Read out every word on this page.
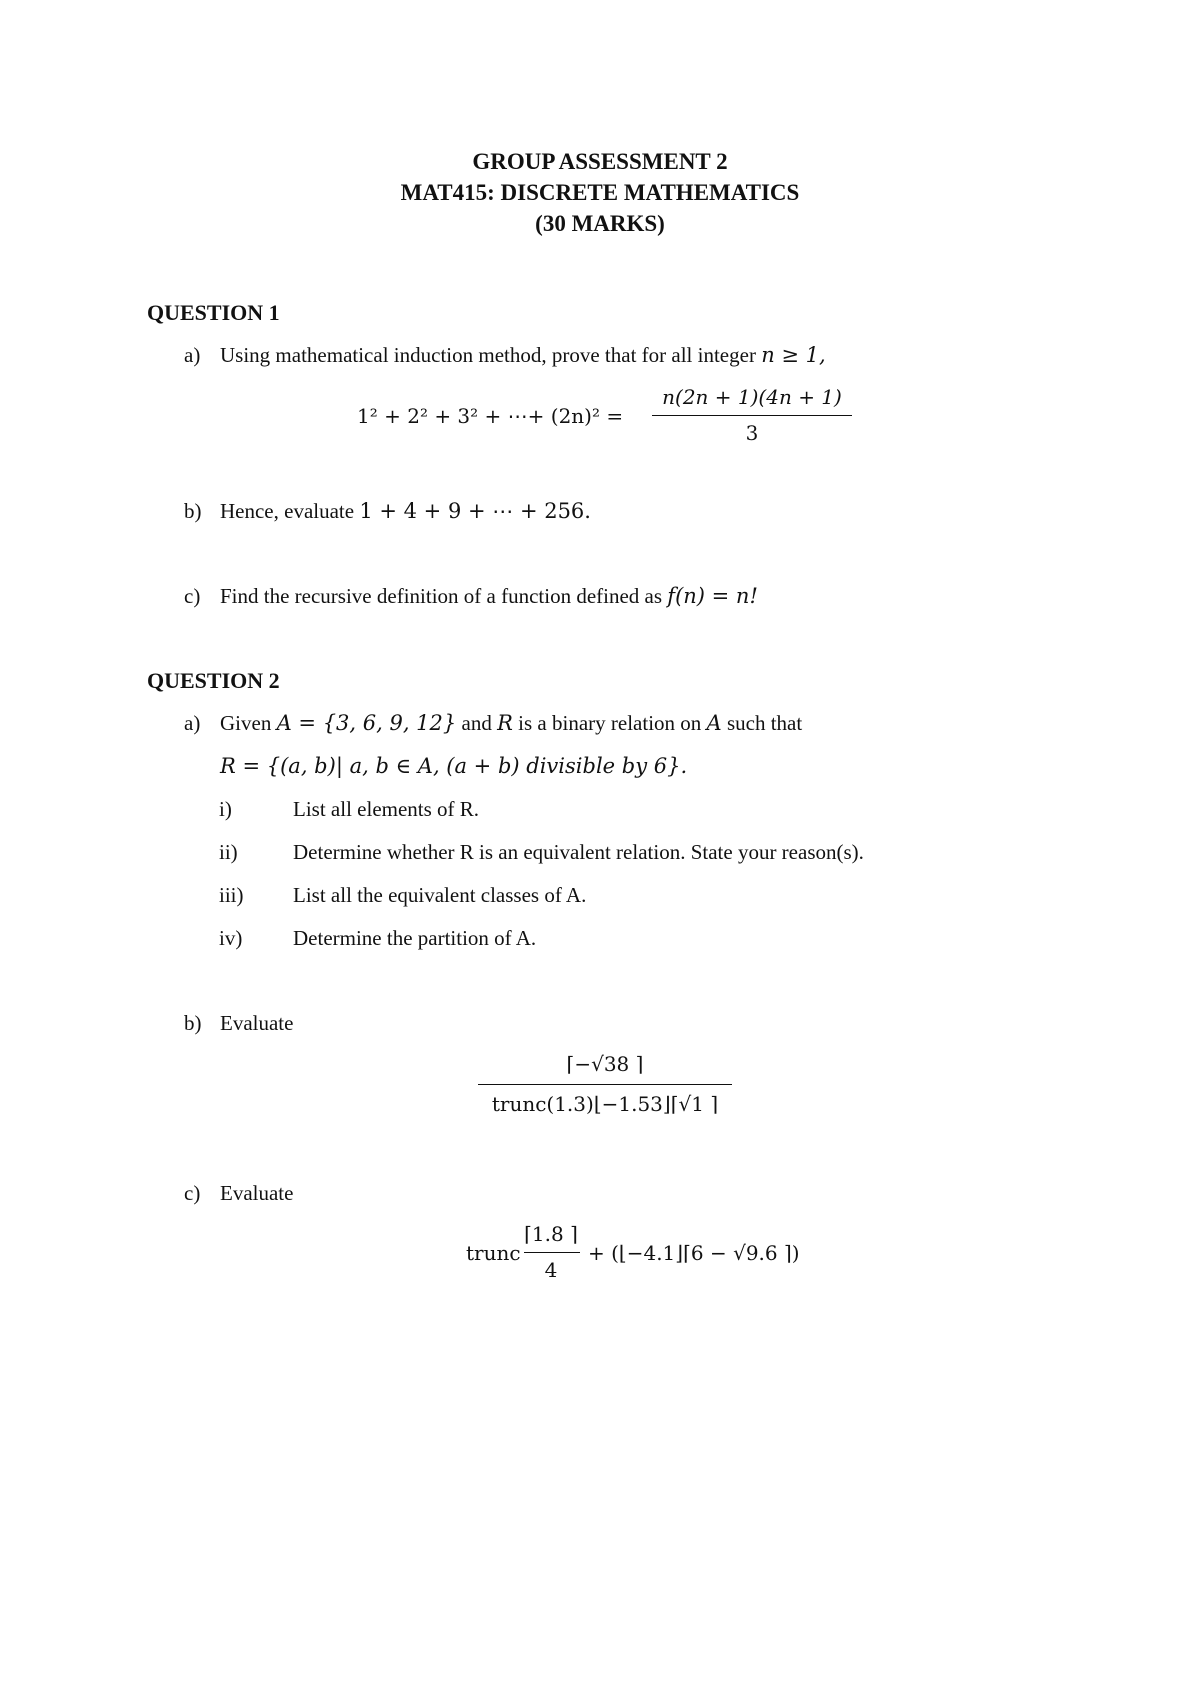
GROUP ASSESSMENT 2
MAT415: DISCRETE MATHEMATICS
(30 MARKS)
QUESTION 1
a) Using mathematical induction method, prove that for all integer n ≥ 1,
1² + 2² + 3² + ⋯+ (2n)² =
n(2n + 1)(4n + 1)
3
b) Hence, evaluate 1 + 4 + 9 + ⋯ + 256.
c) Find the recursive definition of a function defined as f(n) = n!
QUESTION 2
a) Given A = {3, 6, 9, 12} and R is a binary relation on A such that
R = {(a, b)| a, b ∈ A, (a + b) divisible by 6}.
i)	List all elements of R.
ii)	Determine whether R is an equivalent relation. State your reason(s).
iii) List all the equivalent classes of A.
iv) Determine the partition of A.
b) Evaluate
⌈−√38 ⌉
trunc(1.3)⌊−1.53⌋⌈√1 ⌉
c) Evaluate
trunc
⌈1.8 ⌉
4
+ (⌊−4.1⌋⌈6 − √9.6 ⌉)
